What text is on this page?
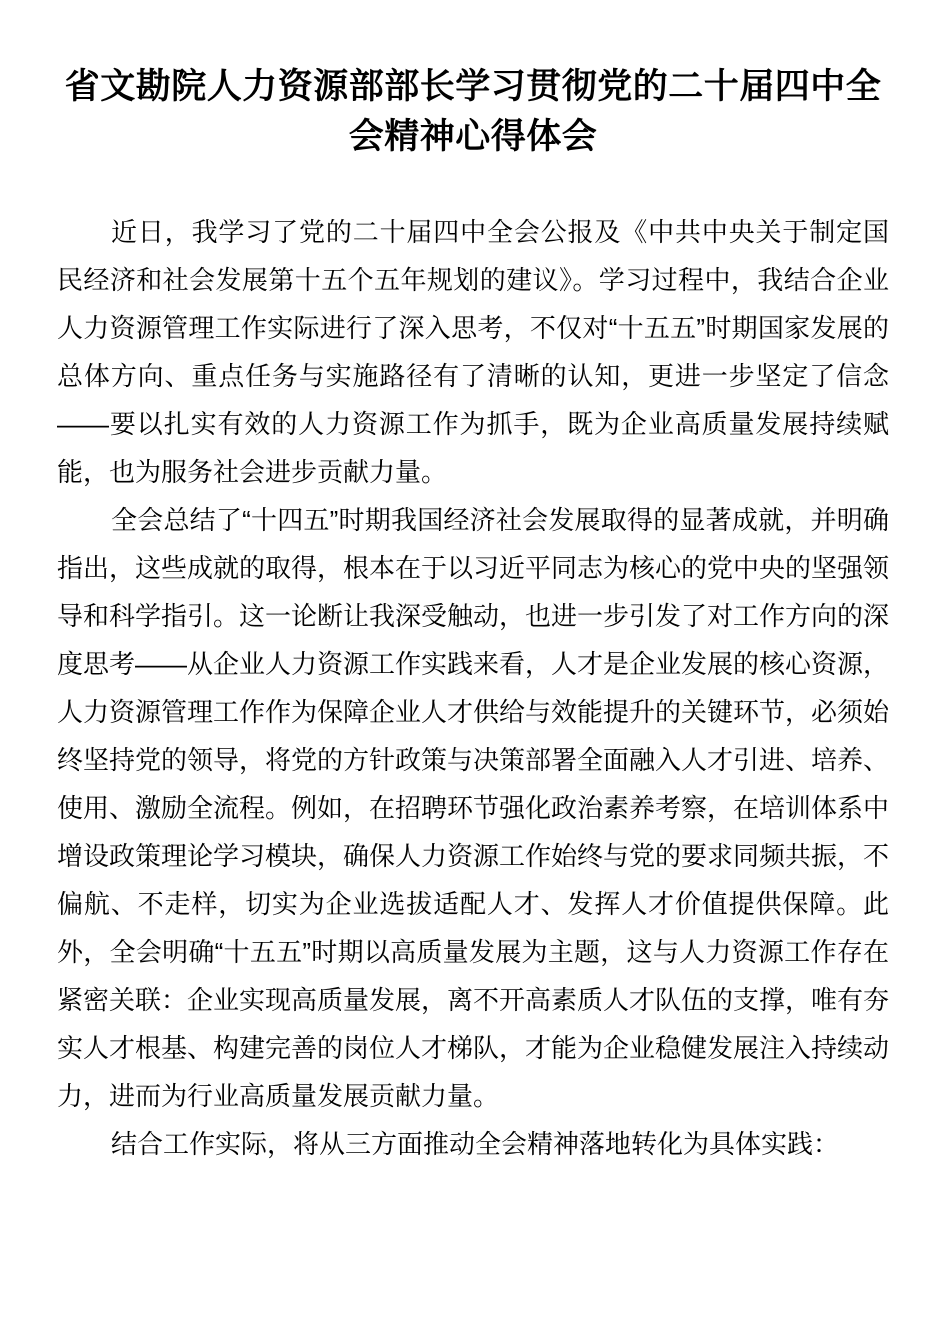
省文勘院人力资源部部长学习贯彻党的二十届四中全会精神心得体会

近日，我学习了党的二十届四中全会公报及《中共中央关于制定国民经济和社会发展第十五个五年规划的建议》。学习过程中，我结合企业人力资源管理工作实际进行了深入思考，不仅对“十五五”时期国家发展的总体方向、重点任务与实施路径有了清晰的认知，更进一步坚定了信念——要以扎实有效的人力资源工作为抓手，既为企业高质量发展持续赋能，也为服务社会进步贡献力量。

全会总结了“十四五”时期我国经济社会发展取得的显著成就，并明确指出，这些成就的取得，根本在于以习近平同志为核心的党中央的坚强领导和科学指引。这一论断让我深受触动，也进一步引发了对工作方向的深度思考——从企业人力资源工作实践来看，人才是企业发展的核心资源，人力资源管理工作作为保障企业人才供给与效能提升的关键环节，必须始终坚持党的领导，将党的方针政策与决策部署全面融入人才引进、培养、使用、激励全流程。例如，在招聘环节强化政治素养考察，在培训体系中增设政策理论学习模块，确保人力资源工作始终与党的要求同频共振，不偏航、不走样，切实为企业选拔适配人才、发挥人才价值提供保障。此外，全会明确“十五五”时期以高质量发展为主题，这与人力资源工作存在紧密关联：企业实现高质量发展，离不开高素质人才队伍的支撑，唯有夯实人才根基、构建完善的岗位人才梯队，才能为企业稳健发展注入持续动力，进而为行业高质量发展贡献力量。

结合工作实际，将从三方面推动全会精神落地转化为具体实践：
